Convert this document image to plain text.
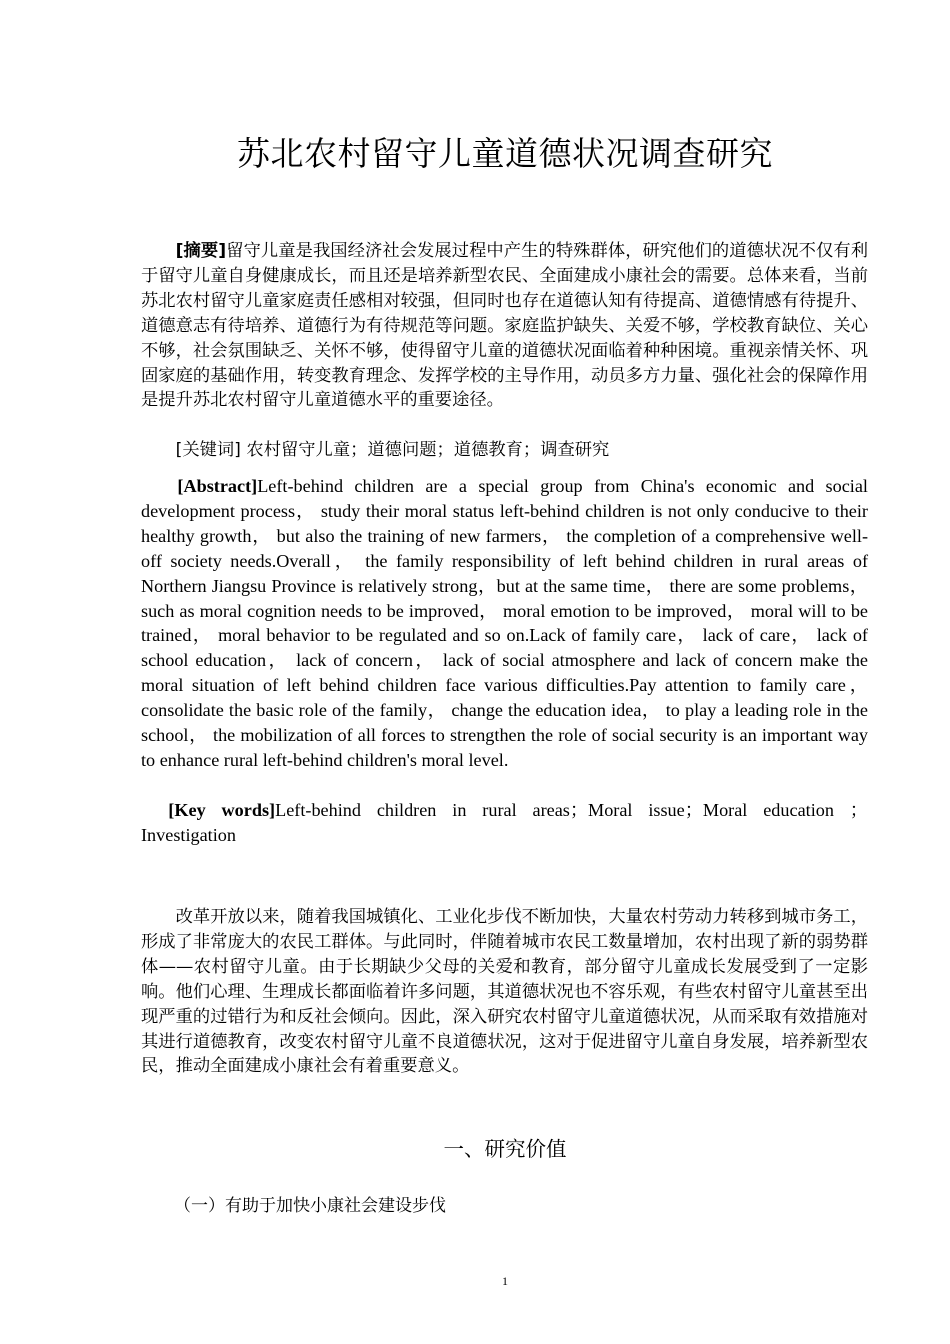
苏北农村留守儿童道德状况调查研究

[摘要]留守儿童是我国经济社会发展过程中产生的特殊群体，研究他们的道德状况不仅有利于留守儿童自身健康成长，而且还是培养新型农民、全面建成小康社会的需要。总体来看，当前苏北农村留守儿童家庭责任感相对较强，但同时也存在道德认知有待提高、道德情感有待提升、道德意志有待培养、道德行为有待规范等问题。家庭监护缺失、关爱不够，学校教育缺位、关心不够，社会氛围缺乏、关怀不够，使得留守儿童的道德状况面临着种种困境。重视亲情关怀、巩固家庭的基础作用，转变教育理念、发挥学校的主导作用，动员多方力量、强化社会的保障作用是提升苏北农村留守儿童道德水平的重要途径。

[关键词] 农村留守儿童；道德问题；道德教育；调查研究

[Abstract]Left-behind children are a special group from China's economic and social development process， study their moral status left-behind children is not only conducive to their healthy growth， but also the training of new farmers， the completion of a comprehensive well-off society needs.Overall， the family responsibility of left behind children in rural areas of Northern Jiangsu Province is relatively strong，but at the same time， there are some problems， such as moral cognition needs to be improved， moral emotion to be improved， moral will to be trained， moral behavior to be regulated and so on.Lack of family care， lack of care， lack of school education， lack of concern， lack of social atmosphere and lack of concern make the moral situation of left behind children face various difficulties.Pay attention to family care， consolidate the basic role of the family， change the education idea， to play a leading role in the school， the mobilization of all forces to strengthen the role of social security is an important way to enhance rural left-behind children's moral level.

[Key words]Left-behind children in rural areas；Moral issue；Moral education ；Investigation

改革开放以来，随着我国城镇化、工业化步伐不断加快，大量农村劳动力转移到城市务工，形成了非常庞大的农民工群体。与此同时，伴随着城市农民工数量增加，农村出现了新的弱势群体——农村留守儿童。由于长期缺少父母的关爱和教育，部分留守儿童成长发展受到了一定影响。他们心理、生理成长都面临着许多问题，其道德状况也不容乐观，有些农村留守儿童甚至出现严重的过错行为和反社会倾向。因此，深入研究农村留守儿童道德状况，从而采取有效措施对其进行道德教育，改变农村留守儿童不良道德状况，这对于促进留守儿童自身发展，培养新型农民，推动全面建成小康社会有着重要意义。

一、研究价值
（一）有助于加快小康社会建设步伐
1
